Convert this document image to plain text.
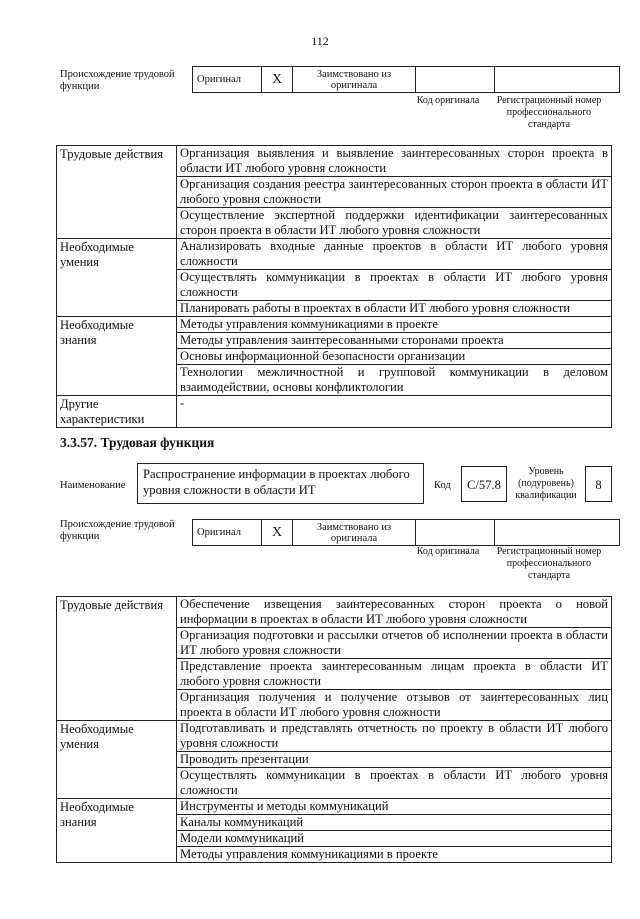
112
Происхождение трудовой функции
Оригинал	X	Заимствовано из оригинала		
Код оригинала	Регистрационный номер профессионального стандарта
Трудовые действия	Организация выявления и выявление заинтересованных сторон проекта в области ИТ любого уровня сложности
	Организация создания реестра заинтересованных сторон проекта в области ИТ любого уровня сложности
	Осуществление экспертной поддержки идентификации заинтересованных сторон проекта в области ИТ любого уровня сложности
Необходимые умения	Анализировать входные данные проектов в области ИТ любого уровня сложности
	Осуществлять коммуникации в проектах в области ИТ любого уровня сложности
	Планировать работы в проектах в области ИТ любого уровня сложности
Необходимые знания	Методы управления коммуникациями в проекте
	Методы управления заинтересованными сторонами проекта
	Основы информационной безопасности организации
	Технологии межличностной и групповой коммуникации в деловом взаимодействии, основы конфликтологии
Другие характеристики	-
3.3.57. Трудовая функция
Наименование
Распространение информации в проектах любого уровня сложности в области ИТ	Код	C/57.8
Уровень (подуровень) квалификации
8
Происхождение трудовой функции	Оригинал	X	Заимствовано из оригинала		
Код оригинала	Регистрационный номер профессионального стандарта
Трудовые действия	Обеспечение извещения заинтересованных сторон проекта о новой информации в проектах в области ИТ любого уровня сложности
	Организация подготовки и рассылки отчетов об исполнении проекта в области ИТ любого уровня сложности
	Представление проекта заинтересованным лицам проекта в области ИТ любого уровня сложности
	Организация получения и получение отзывов от заинтересованных лиц проекта в области ИТ любого уровня сложности
Необходимые умения	Подготавливать и представлять отчетность по проекту в области ИТ любого уровня сложности
	Проводить презентации
	Осуществлять коммуникации в проектах в области ИТ любого уровня сложности
Необходимые знания	Инструменты и методы коммуникаций
	Каналы коммуникаций
	Модели коммуникаций
	Методы управления коммуникациями в проекте
